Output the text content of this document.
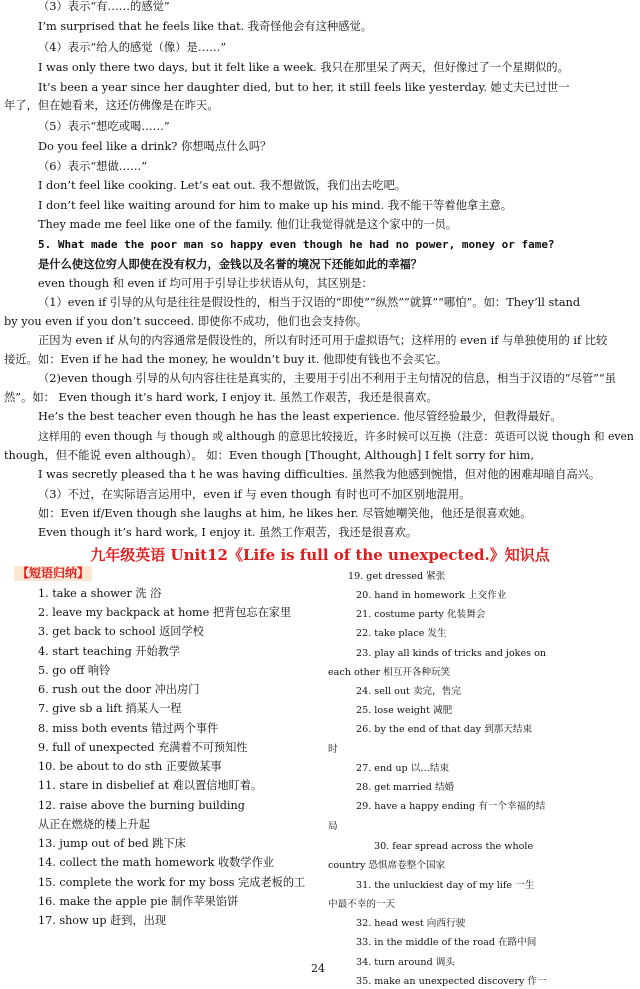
（3）表示“有……的感觉”
I’m surprised that he feels like that. 我奇怪他会有这种感觉。
（4）表示“给人的感觉（像）是……”
I was only there two days, but it felt like a week. 我只在那里呆了两天，但好像过了一个星期似的。
It’s been a year since her daughter died, but to her, it still feels like yesterday. 她丈夫已过世一
年了，但在她看来，这还仿佛像是在昨天。
（5）表示“想吃或喝……”
Do you feel like a drink? 你想喝点什么吗？
（6）表示“想做……”
I don’t feel like cooking. Let’s eat out. 我不想做饭，我们出去吃吧。
I don’t feel like waiting around for him to make up his mind. 我不能干等着他拿主意。
They made me feel like one of the family. 他们让我觉得就是这个家中的一员。
5. What made the poor man so happy even though he had no power, money or fame?
是什么使这位穷人即使在没有权力，金钱以及名誉的境况下还能如此的幸福？
even though 和 even if 均可用于引导让步状语从句，其区别是：
（1）even if 引导的从句是往往是假设性的，相当于汉语的“即使”“纵然”“就算”“哪怕”。如：They’ll stand
by you even if you don’t succeed. 即使你不成功，他们也会支持你。
正因为 even if 从句的内容通常是假设性的，所以有时还可用于虚拟语气；这样用的 even if 与单独使用的 if 比较
接近。如：Even if he had the money, he wouldn’t buy it. 他即使有钱也不会买它。
（2)even though 引导的从句内容往往是真实的，主要用于引出不利用于主句情况的信息，相当于汉语的“尽管”“虽
然”。如： Even though it’s hard work, I enjoy it. 虽然工作艰苦，我还是很喜欢。
He’s the best teacher even though he has the least experience. 他尽管经验最少，但教得最好。
这样用的 even though 与 though 或 although 的意思比较接近，许多时候可以互换（注意：英语可以说 though 和 even
though，但不能说 even although）。 如：Even though [Thought, Although] I felt sorry for him,
I was secretly pleased tha t he was having difficulties. 虽然我为他感到惋惜，但对他的困难却暗自高兴。
（3）不过，在实际语言运用中，even if 与 even though 有时也可不加区别地混用。
如：Even if/Even though she laughs at him, he likes her. 尽管她嘲笑他，他还是很喜欢她。
Even though it’s hard work, I enjoy it. 虽然工作艰苦，我还是很喜欢。
九年级英语 Unit12《Life is full of the unexpected.》知识点
【短语归纳】
1. take a shower 洗 浴
2. leave my backpack at home 把背包忘在家里
3. get back to school 返回学校
4. start teaching 开始教学
5. go off 响铃
6. rush out the door 冲出房门
7. give sb a lift 捎某人一程
8. miss both events 错过两个事件
9. full of unexpected 充满着不可预知性
10. be about to do sth 正要做某事
11. stare in disbelief at 难以置信地盯着。
12. raise above the burning building
从正在燃烧的楼上升起
13. jump out of bed 跳下床
14. collect the math homework 收数学作业
15. complete the work for my boss 完成老板的工
16. make the apple pie 制作苹果馅饼
17. show up 赶到，出现
19. get dressed 紧张
20. hand in homework 上交作业
21. costume party 化装舞会
22. take place 发生
23. play all kinds of tricks and jokes on
each other 相互开各种玩笑
24. sell out 卖完，售完
25. lose weight 减肥
26. by the end of that day 到那天结束
时
27. end up 以…结束
28. get married 结婚
29. have a happy ending 有一个幸福的结
局
30. fear spread across the whole
country 恐惧席卷整个国家
31. the unluckiest day of my life 一生
中最不幸的一天
32. head west 向西行驶
33. in the middle of the road 在路中间
34. turn around 调头
35. make an unexpected discovery 作一
24
